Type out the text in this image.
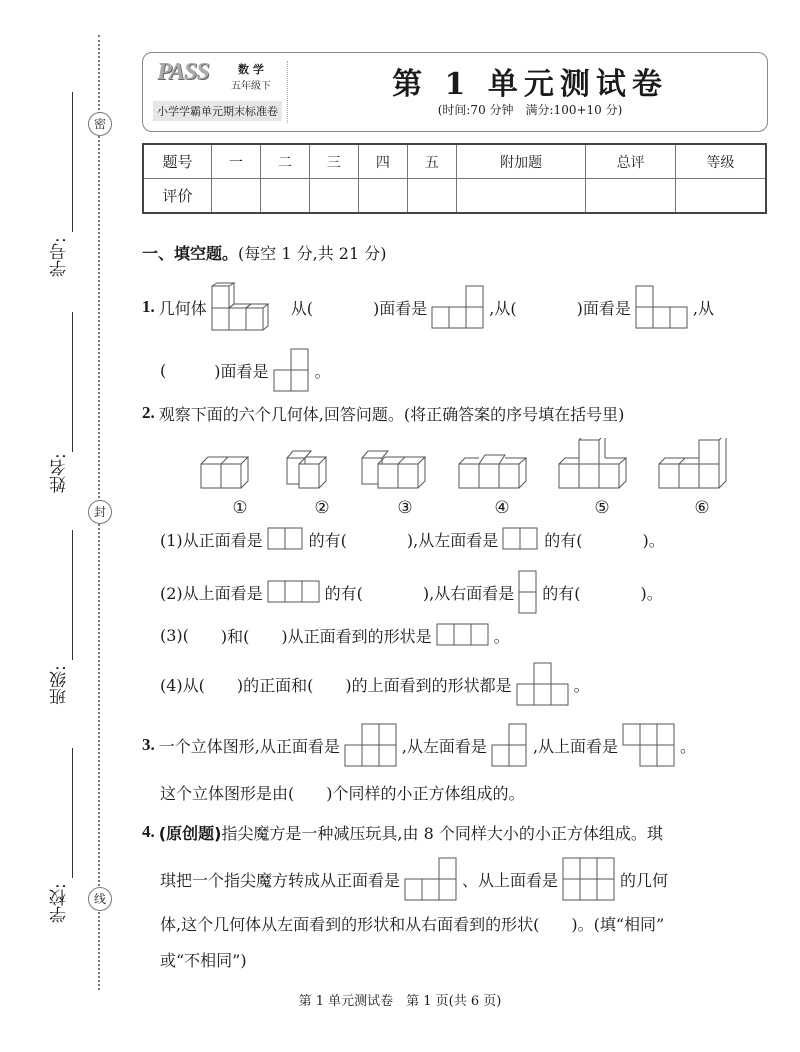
密
封
线
学号:
姓名:
班级:
学校:
PASS	数 学
五年级下
小学学霸单元期末标准卷
第 1 单元测试卷
(时间:70 分钟　满分:100+10 分)
题号	一	二	三	四	五	附加题	总评	等级
评价								
一、填空题。 (每空 1 分,共 21 分)
1. 几何体	从(	)面看是	,从(	)面看是	,从
(	)面看是	。
2. 观察下面的六个几何体,回答问题。(将正确答案的序号填在括号里)
①	②	③	④	⑤	⑥
(1)从正面看是	的有(	),从左面看是	的有(	)。
(2)从上面看是	的有(	),从右面看是 的有(	)。
(3)( )和( )从正面看到的形状是	。
(4)从( )的正面和( )的上面看到的形状都是	。
3. 一个立体图形,从正面看是	,从左面看是	,从上面看是	。
这个立体图形是由( )个同样的小正方体组成的。
4. (原创题) 指尖魔方是一种减压玩具,由 8 个同样大小的小正方体组成。琪
琪把一个指尖魔方转成从正面看是	、从上面看是	的几何
体,这个几何体从左面看到的形状和从右面看到的形状( )。(填“相同”
或“不相同”)
第 1 单元测试卷　第 1 页(共 6 页)
